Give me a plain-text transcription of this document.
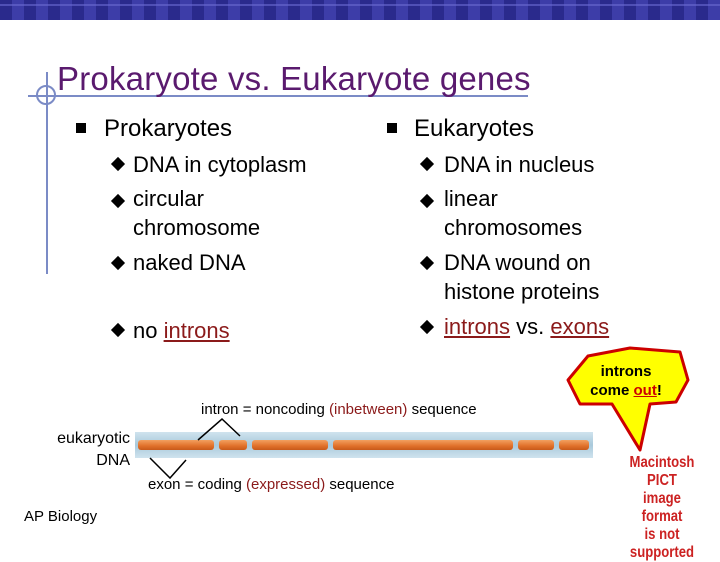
Prokaryote vs. Eukaryote genes
Prokaryotes
DNA in cytoplasm
circular
chromosome
naked DNA
no introns
Eukaryotes
DNA in nucleus
linear
chromosomes
DNA wound on
histone proteins
introns vs. exons
introns
come out!
intron = noncoding (inbetween) sequence
eukaryotic
DNA
exon = coding (expressed) sequence
Macintosh PICT
image format
is not supported
AP Biology
